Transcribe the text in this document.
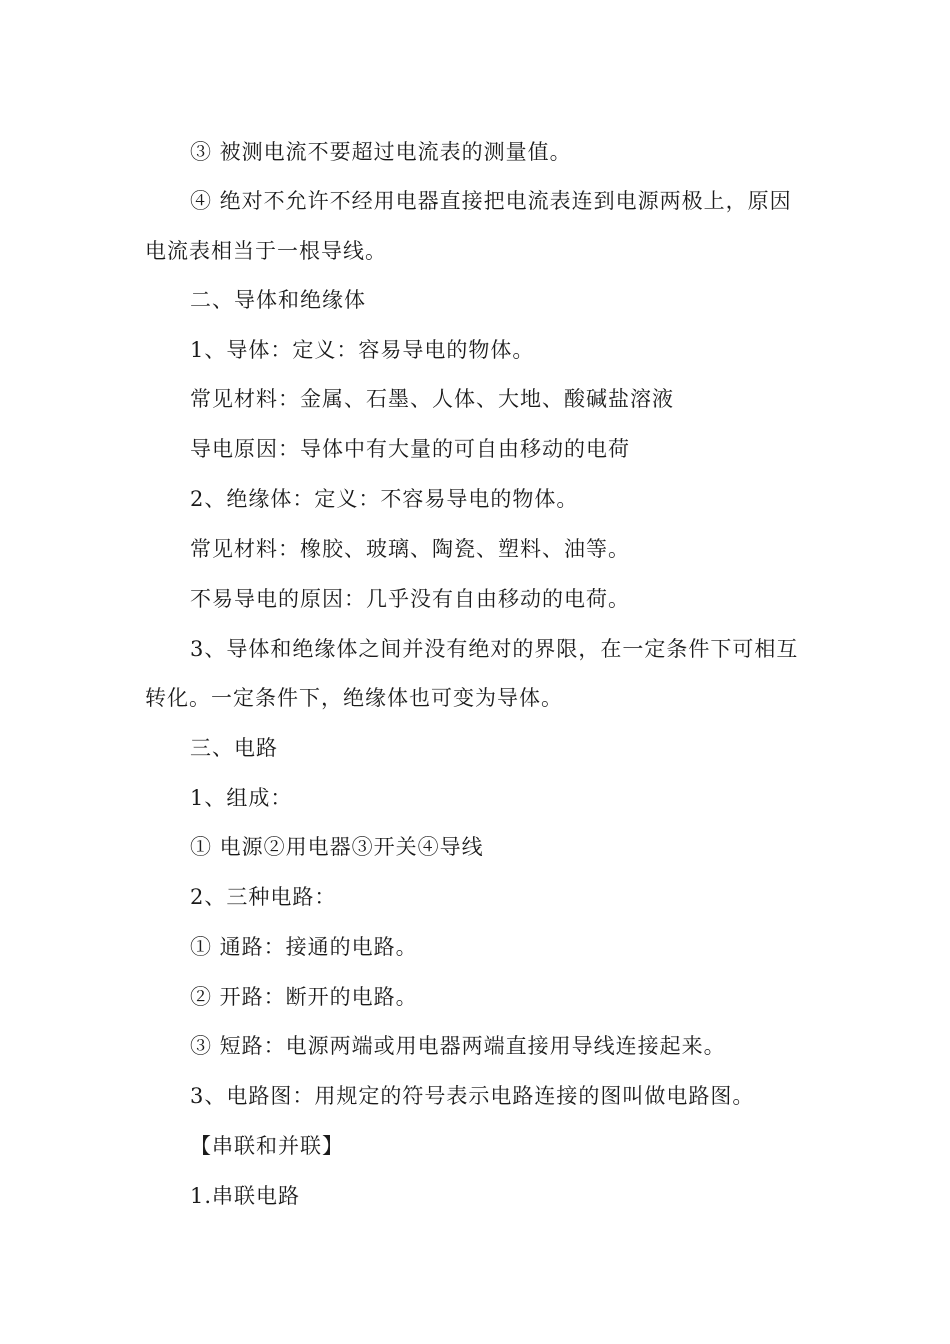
③ 被测电流不要超过电流表的测量值。
④ 绝对不允许不经用电器直接把电流表连到电源两极上，原因
电流表相当于一根导线。
二、导体和绝缘体
1、导体：定义：容易导电的物体。
常见材料：金属、石墨、人体、大地、酸碱盐溶液
导电原因：导体中有大量的可自由移动的电荷
2、绝缘体：定义：不容易导电的物体。
常见材料：橡胶、玻璃、陶瓷、塑料、油等。
不易导电的原因：几乎没有自由移动的电荷。
3、导体和绝缘体之间并没有绝对的界限，在一定条件下可相互
转化。一定条件下，绝缘体也可变为导体。
三、电路
1、组成：
① 电源②用电器③开关④导线
2、三种电路：
① 通路：接通的电路。
② 开路：断开的电路。
③ 短路：电源两端或用电器两端直接用导线连接起来。
3、电路图：用规定的符号表示电路连接的图叫做电路图。
【串联和并联】
1.串联电路
